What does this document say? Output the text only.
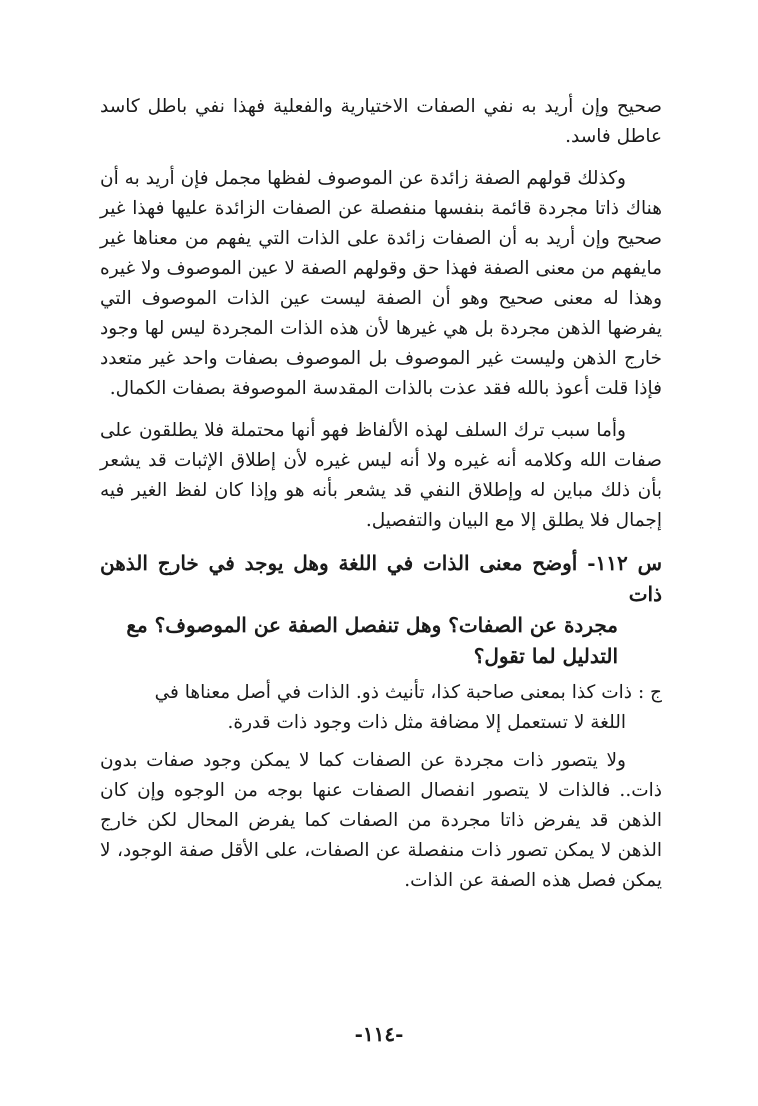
صحيح وإن أريد به نفي الصفات الاختيارية والفعلية فهذا نفي باطل كاسد عاطل فاسد.

وكذلك قولهم الصفة زائدة عن الموصوف لفظها مجمل فإن أريد به أن هناك ذاتا مجردة قائمة بنفسها منفصلة عن الصفات الزائدة عليها فهذا غير صحيح وإن أريد به أن الصفات زائدة على الذات التي يفهم من معناها غير مايفهم من معنى الصفة فهذا حق وقولهم الصفة لا عين الموصوف ولا غيره وهذا له معنى صحيح وهو أن الصفة ليست عين الذات الموصوف التي يفرضها الذهن مجردة بل هي غيرها لأن هذه الذات المجردة ليس لها وجود خارج الذهن وليست غير الموصوف بل الموصوف بصفات واحد غير متعدد فإذا قلت أعوذ بالله فقد عذت بالذات المقدسة الموصوفة بصفات الكمال.

وأما سبب ترك السلف لهذه الألفاظ فهو أنها محتملة فلا يطلقون على صفات الله وكلامه أنه غيره ولا أنه ليس غيره لأن إطلاق الإثبات قد يشعر بأن ذلك مباين له وإطلاق النفي قد يشعر بأنه هو وإذا كان لفظ الغير فيه إجمال فلا يطلق إلا مع البيان والتفصيل.

س ١١٢- أوضح معنى الذات في اللغة وهل يوجد في خارج الذهن ذات

مجردة عن الصفات؟ وهل تنفصل الصفة عن الموصوف؟ مع التدليل لما تقول؟

ج : ذات كذا بمعنى صاحبة كذا، تأنيث ذو. الذات في أصل معناها في

اللغة لا تستعمل إلا مضافة مثل ذات وجود ذات قدرة.

ولا يتصور ذات مجردة عن الصفات كما لا يمكن وجود صفات بدون ذات.. فالذات لا يتصور انفصال الصفات عنها بوجه من الوجوه وإن كان الذهن قد يفرض ذاتا مجردة من الصفات كما يفرض المحال لكن خارج الذهن لا يمكن تصور ذات منفصلة عن الصفات، على الأقل صفة الوجود، لا يمكن فصل هذه الصفة عن الذات.

-١١٤-
